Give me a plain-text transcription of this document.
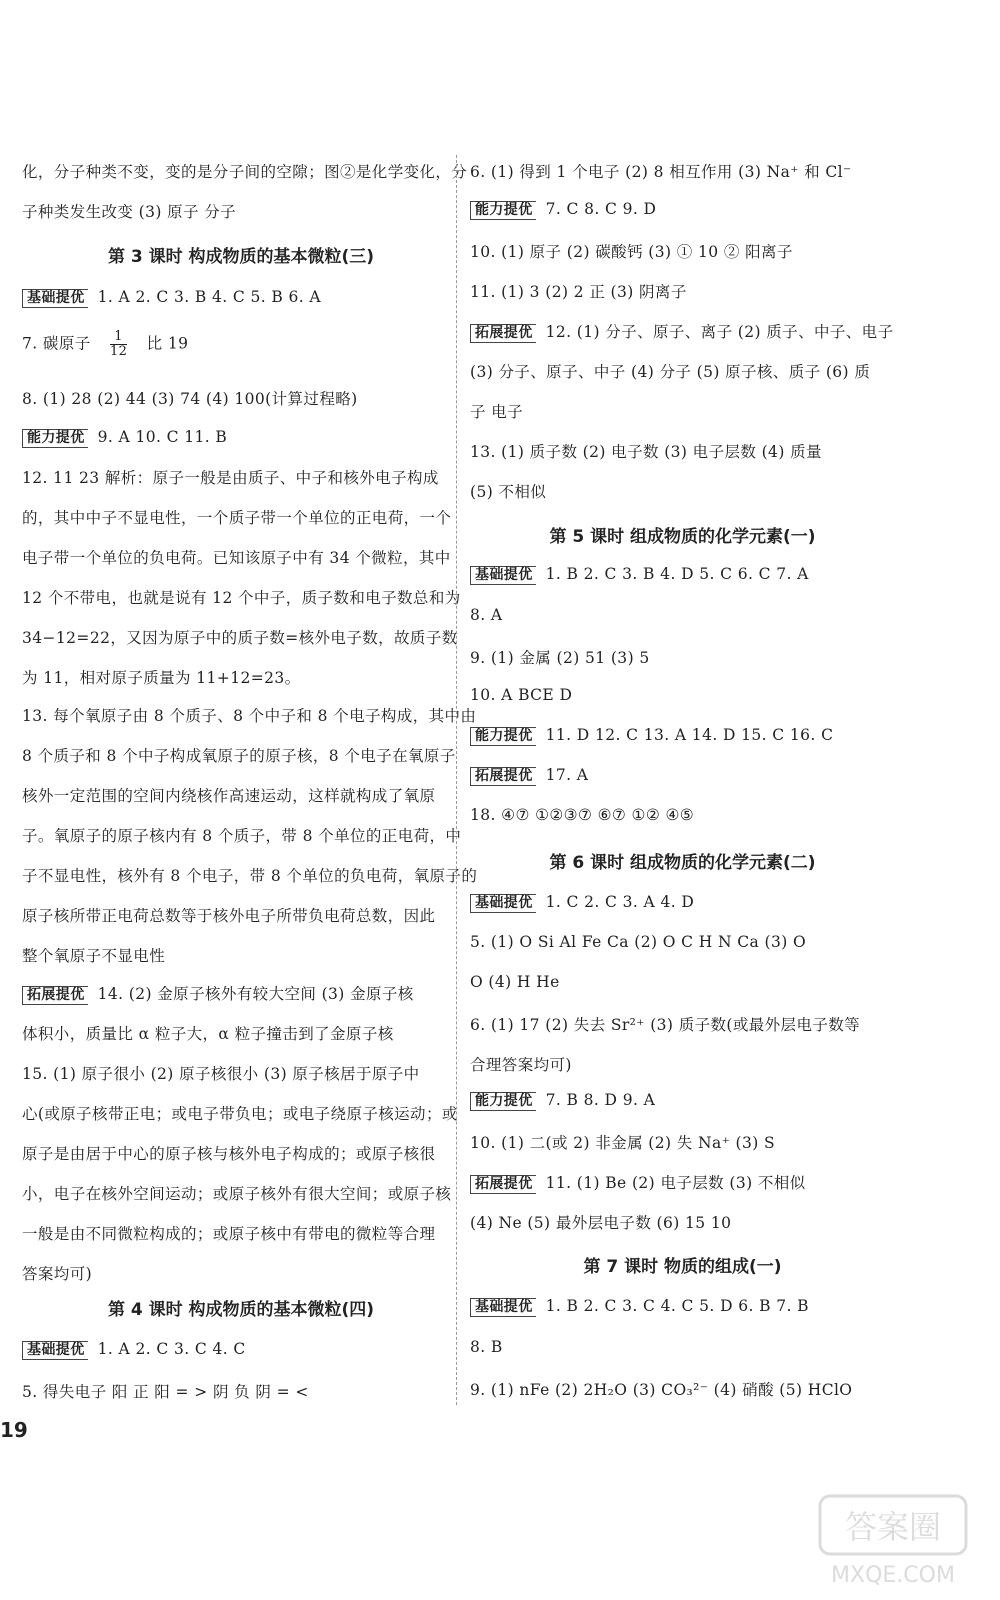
化，分子种类不变，变的是分子间的空隙；图②是化学变化，分
子种类发生改变 (3) 原子 分子
第 3 课时 构成物质的基本微粒(三)
基础提优 1. A 2. C 3. B 4. C 5. B 6. A
7. 碳原子 $\frac{1}{12}$ 比 19
8. (1) 28 (2) 44 (3) 74 (4) 100(计算过程略)
能力提优 9. A 10. C 11. B
12. 11 23 解析：原子一般是由质子、中子和核外电子构成
的，其中中子不显电性，一个质子带一个单位的正电荷，一个
电子带一个单位的负电荷。已知该原子中有 34 个微粒，其中
12 个不带电，也就是说有 12 个中子，质子数和电子数总和为
34−12=22，又因为原子中的质子数=核外电子数，故质子数
为 11，相对原子质量为 11+12=23。
13. 每个氧原子由 8 个质子、8 个中子和 8 个电子构成，其中由
8 个质子和 8 个中子构成氧原子的原子核，8 个电子在氧原子
核外一定范围的空间内绕核作高速运动，这样就构成了氧原
子。氧原子的原子核内有 8 个质子，带 8 个单位的正电荷，中
子不显电性，核外有 8 个电子，带 8 个单位的负电荷，氧原子的
原子核所带正电荷总数等于核外电子所带负电荷总数，因此
整个氧原子不显电性
拓展提优 14. (2) 金原子核外有较大空间 (3) 金原子核
体积小，质量比 α 粒子大，α 粒子撞击到了金原子核
15. (1) 原子很小 (2) 原子核很小 (3) 原子核居于原子中
心(或原子核带正电；或电子带负电；或电子绕原子核运动；或
原子是由居于中心的原子核与核外电子构成的；或原子核很
小，电子在核外空间运动；或原子核外有很大空间；或原子核
一般是由不同微粒构成的；或原子核中有带电的微粒等合理
答案均可)
第 4 课时 构成物质的基本微粒(四)
基础提优 1. A 2. C 3. C 4. C
5. 得失电子 阳 正 阳 = > 阴 负 阴 = <
6. (1) 得到 1 个电子 (2) 8 相互作用 (3) Na⁺ 和 Cl⁻
能力提优 7. C 8. C 9. D
10. (1) 原子 (2) 碳酸钙 (3) ① 10 ② 阳离子
11. (1) 3 (2) 2 正 (3) 阴离子
拓展提优 12. (1) 分子、原子、离子 (2) 质子、中子、电子
(3) 分子、原子、中子 (4) 分子 (5) 原子核、质子 (6) 质
子 电子
13. (1) 质子数 (2) 电子数 (3) 电子层数 (4) 质量
(5) 不相似
第 5 课时 组成物质的化学元素(一)
基础提优 1. B 2. C 3. B 4. D 5. C 6. C 7. A
8. A
9. (1) 金属 (2) 51 (3) 5
10. A BCE D
能力提优 11. D 12. C 13. A 14. D 15. C 16. C
拓展提优 17. A
18. ④⑦ ①②③⑦ ⑥⑦ ①② ④⑤
第 6 课时 组成物质的化学元素(二)
基础提优 1. C 2. C 3. A 4. D
5. (1) O Si Al Fe Ca (2) O C H N Ca (3) O
O (4) H He
6. (1) 17 (2) 失去 Sr²⁺ (3) 质子数(或最外层电子数等
合理答案均可)
能力提优 7. B 8. D 9. A
10. (1) 二(或 2) 非金属 (2) 失 Na⁺ (3) S
拓展提优 11. (1) Be (2) 电子层数 (3) 不相似
(4) Ne (5) 最外层电子数 (6) 15 10
第 7 课时 物质的组成(一)
基础提优 1. B 2. C 3. C 4. C 5. D 6. B 7. B
8. B
9. (1) nFe (2) 2H₂O (3) CO₃²⁻ (4) 硝酸 (5) HClO
19
答案圈
MXQE.COM
